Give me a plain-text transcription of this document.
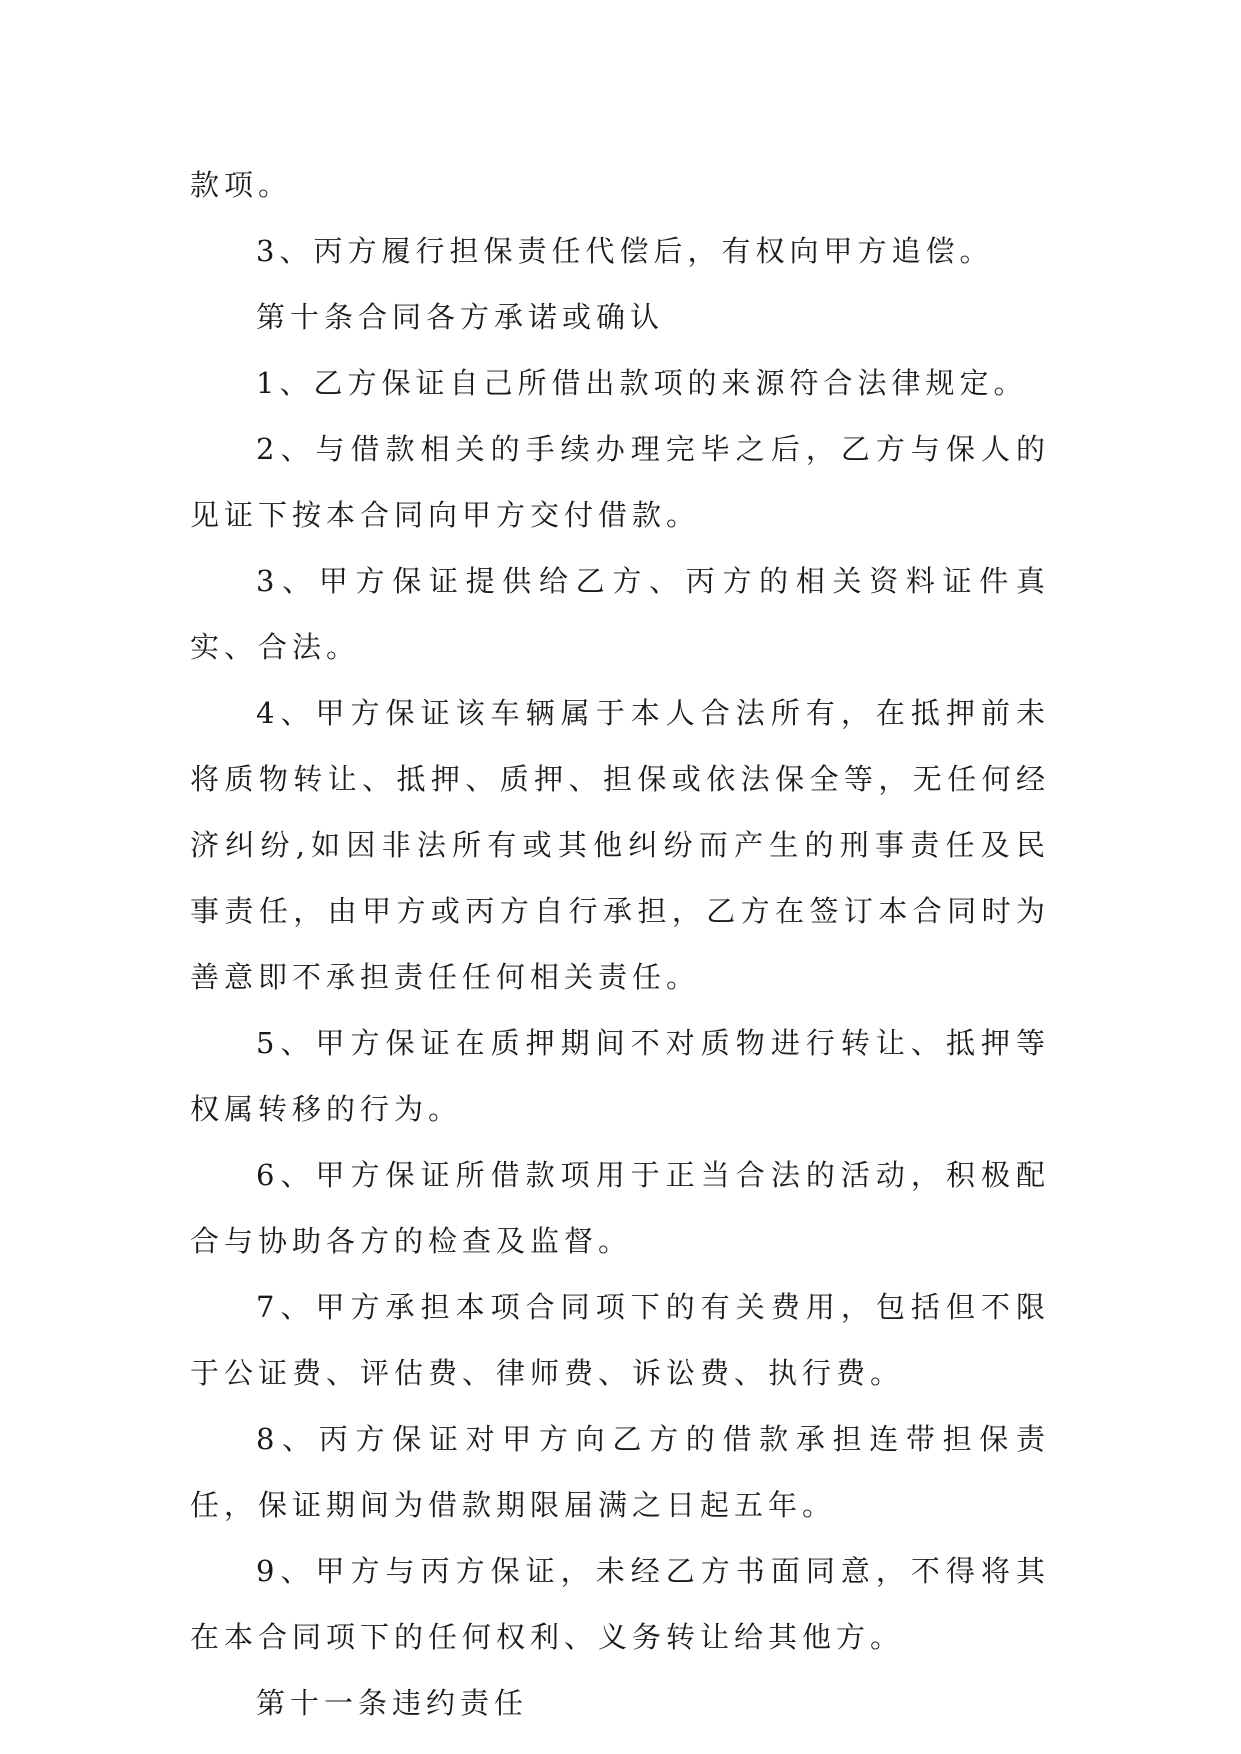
款项。

3、丙方履行担保责任代偿后，有权向甲方追偿。

第十条合同各方承诺或确认

1、乙方保证自己所借出款项的来源符合法律规定。

2、与借款相关的手续办理完毕之后，乙方与保人的见证下按本合同向甲方交付借款。

3、甲方保证提供给乙方、丙方的相关资料证件真实、合法。

4、甲方保证该车辆属于本人合法所有，在抵押前未将质物转让、抵押、质押、担保或依法保全等，无任何经济纠纷,如因非法所有或其他纠纷而产生的刑事责任及民事责任，由甲方或丙方自行承担，乙方在签订本合同时为善意即不承担责任任何相关责任。

5、甲方保证在质押期间不对质物进行转让、抵押等权属转移的行为。

6、甲方保证所借款项用于正当合法的活动，积极配合与协助各方的检查及监督。

7、甲方承担本项合同项下的有关费用，包括但不限于公证费、评估费、律师费、诉讼费、执行费。

8、丙方保证对甲方向乙方的借款承担连带担保责任，保证期间为借款期限届满之日起五年。

9、甲方与丙方保证，未经乙方书面同意，不得将其在本合同项下的任何权利、义务转让给其他方。

第十一条违约责任
